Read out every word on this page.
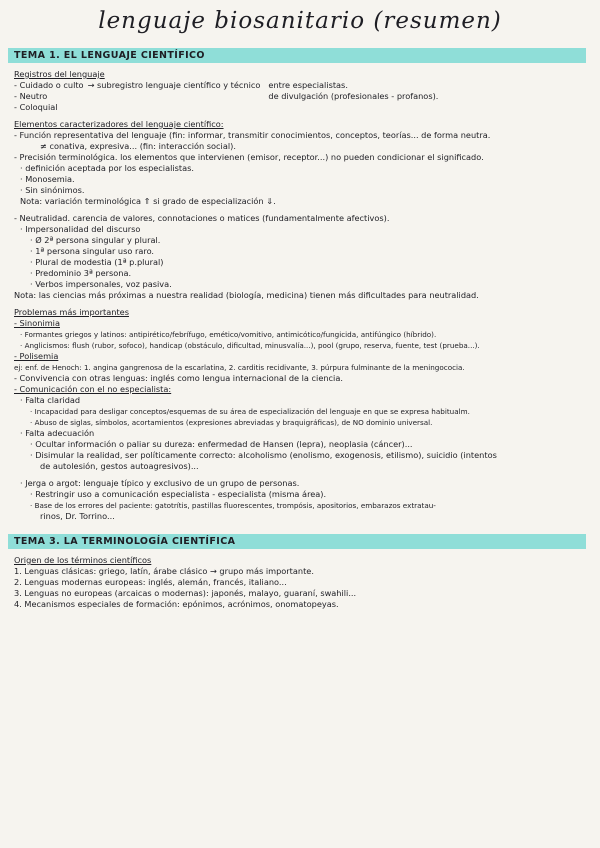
lenguaje biosanitario (resumen)
TEMA 1. EL LENGUAJE CIENTÍFICO
Registros del lenguaje
- Cuidado o culto
- Neutro
- Coloquial
→ subregistro lenguaje científico y técnico entre especialistas.
de divulgación (profesionales - profanos).
Elementos caracterizadores del lenguaje científico:
- Función representativa del lenguaje (fin: informar, transmitir conocimientos, conceptos, teorías... de forma neutra.
≠ conativa, expresiva... (fin: interacción social).
- Precisión terminológica. los elementos que intervienen (emisor, receptor...) no pueden condicionar el significado.
· definición aceptada por los especialistas.
· Monosemia.
· Sin sinónimos.
Nota: variación terminológica ⇑ si grado de especialización ⇓.
- Neutralidad. carencia de valores, connotaciones o matices (fundamentalmente afectivos).
· Impersonalidad del discurso
· Ø 2ª persona singular y plural.
· 1ª persona singular uso raro.
· Plural de modestia (1ª p.plural)
· Predominio 3ª persona.
· Verbos impersonales, voz pasiva.
Nota: las ciencias más próximas a nuestra realidad (biología, medicina) tienen más dificultades para neutralidad.
Problemas más importantes
- Sinonimia
· Formantes griegos y latinos: antipirético/febrífugo, emético/vomitivo, antimicótico/fungicida, antifúngico (híbrido).
· Anglicismos: flush (rubor, sofoco), handicap (obstáculo, dificultad, minusvalía...), pool (grupo, reserva, fuente, test (prueba...).
- Polisemia
ej: enf. de Henoch: 1. angina gangrenosa de la escarlatina, 2. carditis recidivante, 3. púrpura fulminante de la meningococia.
- Convivencia con otras lenguas: inglés como lengua internacional de la ciencia.
- Comunicación con el no especialista:
· Falta claridad
· Incapacidad para desligar conceptos/esquemas de su área de especialización del lenguaje en que se expresa habitualm.
· Abuso de siglas, símbolos, acortamientos (expresiones abreviadas y braquigráficas), de NO dominio universal.
· Falta adecuación
· Ocultar información o paliar su dureza: enfermedad de Hansen (lepra), neoplasia (cáncer)...
· Disimular la realidad, ser políticamente correcto: alcoholismo (enolismo, exogenosis, etilismo), suicidio (intentos
de autolesión, gestos autoagresivos)...
· Jerga o argot: lenguaje típico y exclusivo de un grupo de personas.
· Restringir uso a comunicación especialista - especialista (misma área).
· Base de los errores del paciente: gatotrítis, pastillas fluorescentes, trompósis, apositorios, embarazos extratau-
rinos, Dr. Torrino...
TEMA 3. LA TERMINOLOGÍA CIENTÍFICA
Origen de los términos científicos
1. Lenguas clásicas: griego, latín, árabe clásico → grupo más importante.
2. Lenguas modernas europeas: inglés, alemán, francés, italiano...
3. Lenguas no europeas (arcaicas o modernas): japonés, malayo, guaraní, swahili...
4. Mecanismos especiales de formación: epónimos, acrónimos, onomatopeyas.
